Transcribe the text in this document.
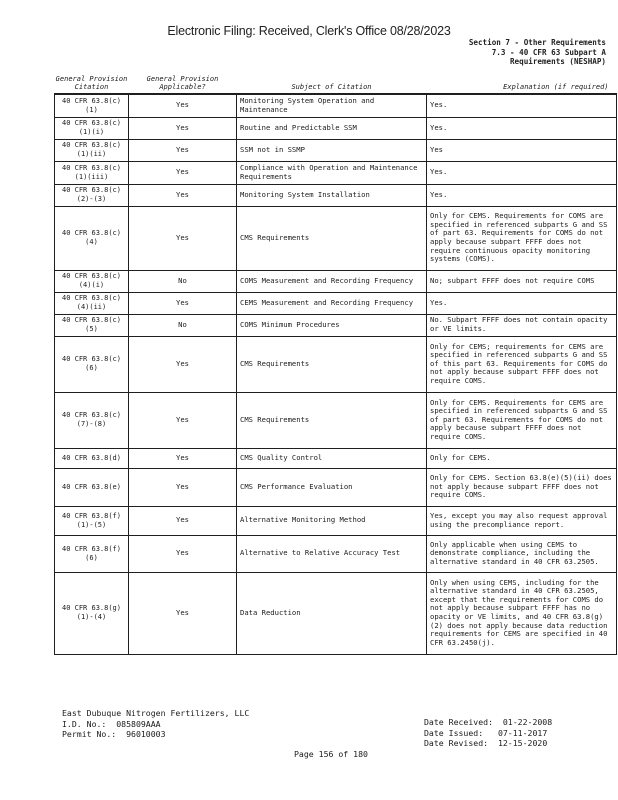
Electronic Filing: Received, Clerk's Office 08/28/2023
Section 7 - Other Requirements
7.3 - 40 CFR 63 Subpart A
Requirements (NESHAP)
General Provision Citation	General Provision Applicable?	Subject of Citation	Explanation (if required)
40 CFR 63.8(c)(1)	Yes	Monitoring System Operation and Maintenance	Yes.
40 CFR 63.8(c)(1)(i)	Yes	Routine and Predictable SSM	Yes.
40 CFR 63.8(c)(1)(ii)	Yes	SSM not in SSMP	Yes
40 CFR 63.8(c)(1)(iii)	Yes	Compliance with Operation and Maintenance Requirements	Yes.
40 CFR 63.8(c)(2)-(3)	Yes	Monitoring System Installation	Yes.
40 CFR 63.8(c)(4)	Yes	CMS Requirements	Only for CEMS. Requirements for COMS are specified in referenced subparts G and SS of part 63. Requirements for COMS do not apply because subpart FFFF does not require continuous opacity monitoring systems (COMS).
40 CFR 63.8(c)(4)(i)	No	COMS Measurement and Recording Frequency	No; subpart FFFF does not require COMS
40 CFR 63.8(c)(4)(ii)	Yes	CEMS Measurement and Recording Frequency	Yes.
40 CFR 63.8(c)(5)	No	COMS Minimum Procedures	No. Subpart FFFF does not contain opacity or VE limits.
40 CFR 63.8(c)(6)	Yes	CMS Requirements	Only for CEMS; requirements for CEMS are specified in referenced subparts G and SS of this part 63. Requirements for COMS do not apply because subpart FFFF does not require COMS.
40 CFR 63.8(c)(7)-(8)	Yes	CMS Requirements	Only for CEMS. Requirements for CEMS are specified in referenced subparts G and SS of part 63. Requirements for COMS do not apply because subpart FFFF does not require COMS.
40 CFR 63.8(d)	Yes	CMS Quality Control	Only for CEMS.
40 CFR 63.8(e)	Yes	CMS Performance Evaluation	Only for CEMS. Section 63.8(e)(5)(ii) does not apply because subpart FFFF does not require COMS.
40 CFR 63.8(f)(1)-(5)	Yes	Alternative Monitoring Method	Yes, except you may also request approval using the precompliance report.
40 CFR 63.8(f)(6)	Yes	Alternative to Relative Accuracy Test	Only applicable when using CEMS to demonstrate compliance, including the alternative standard in 40 CFR 63.2505.
40 CFR 63.8(g)(1)-(4)	Yes	Data Reduction	Only when using CEMS, including for the alternative standard in 40 CFR 63.2505, except that the requirements for COMS do not apply because subpart FFFF has no opacity or VE limits, and 40 CFR 63.8(g)(2) does not apply because data reduction requirements for CEMS are specified in 40 CFR 63.2450(j).
East Dubuque Nitrogen Fertilizers, LLC
I.D. No.: 085809AAA
Permit No.: 96010003
Date Received: 01-22-2008
Date Issued: 07-11-2017
Date Revised: 12-15-2020
Page 156 of 180
